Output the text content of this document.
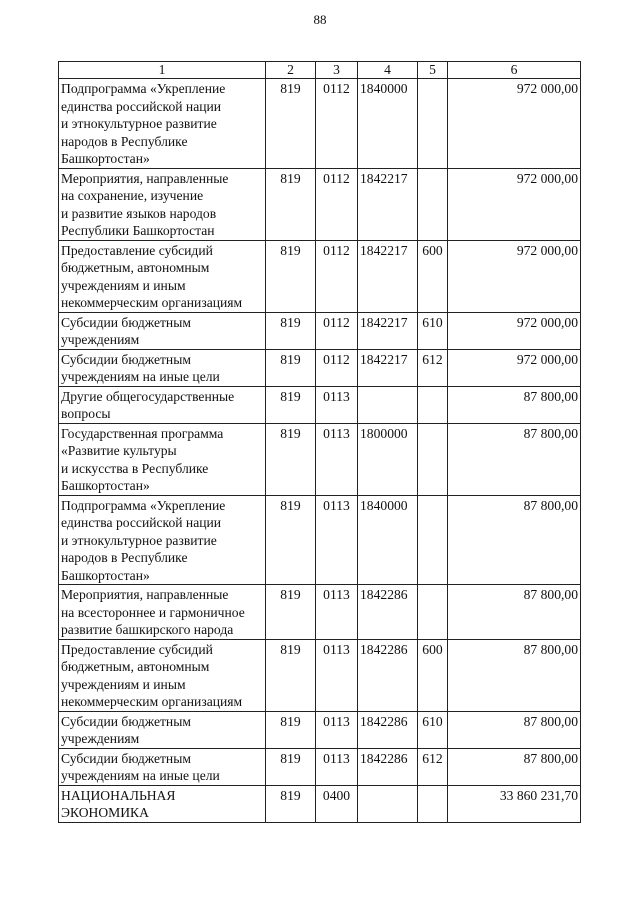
88
1	2	3	4	5	6
Подпрограмма «Укрепление
единства российской нации
и этнокультурное развитие
народов в Республике
Башкортостан»	819	0112	1840000		972 000,00
Мероприятия, направленные
на сохранение, изучение
и развитие языков народов
Республики Башкортостан	819	0112	1842217		972 000,00
Предоставление субсидий
бюджетным, автономным
учреждениям и иным
некоммерческим организациям	819	0112	1842217	600	972 000,00
Субсидии бюджетным
учреждениям	819	0112	1842217	610	972 000,00
Субсидии бюджетным
учреждениям на иные цели	819	0112	1842217	612	972 000,00
Другие общегосударственные
вопросы	819	0113			87 800,00
Государственная программа
«Развитие культуры
и искусства в Республике
Башкортостан»	819	0113	1800000		87 800,00
Подпрограмма «Укрепление
единства российской нации
и этнокультурное развитие
народов в Республике
Башкортостан»	819	0113	1840000		87 800,00
Мероприятия, направленные
на всестороннее и гармоничное
развитие башкирского народа	819	0113	1842286		87 800,00
Предоставление субсидий
бюджетным, автономным
учреждениям и иным
некоммерческим организациям	819	0113	1842286	600	87 800,00
Субсидии бюджетным
учреждениям	819	0113	1842286	610	87 800,00
Субсидии бюджетным
учреждениям на иные цели	819	0113	1842286	612	87 800,00
НАЦИОНАЛЬНАЯ
ЭКОНОМИКА	819	0400			33 860 231,70
